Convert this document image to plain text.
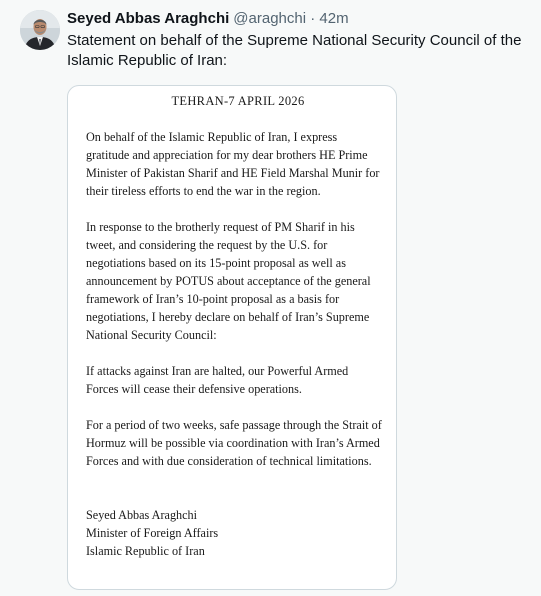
Seyed Abbas Araghchi @araghchi · 42m
Statement on behalf of the Supreme National Security Council of the Islamic Republic of Iran:
TEHRAN-7 APRIL 2026

On behalf of the Islamic Republic of Iran, I express gratitude and appreciation for my dear brothers HE Prime Minister of Pakistan Sharif and HE Field Marshal Munir for their tireless efforts to end the war in the region.

In response to the brotherly request of PM Sharif in his tweet, and considering the request by the U.S. for negotiations based on its 15-point proposal as well as announcement by POTUS about acceptance of the general framework of Iran’s 10-point proposal as a basis for negotiations, I hereby declare on behalf of Iran’s Supreme National Security Council:

If attacks against Iran are halted, our Powerful Armed Forces will cease their defensive operations.

For a period of two weeks, safe passage through the Strait of Hormuz will be possible via coordination with Iran’s Armed Forces and with due consideration of technical limitations.

Seyed Abbas Araghchi
Minister of Foreign Affairs
Islamic Republic of Iran
